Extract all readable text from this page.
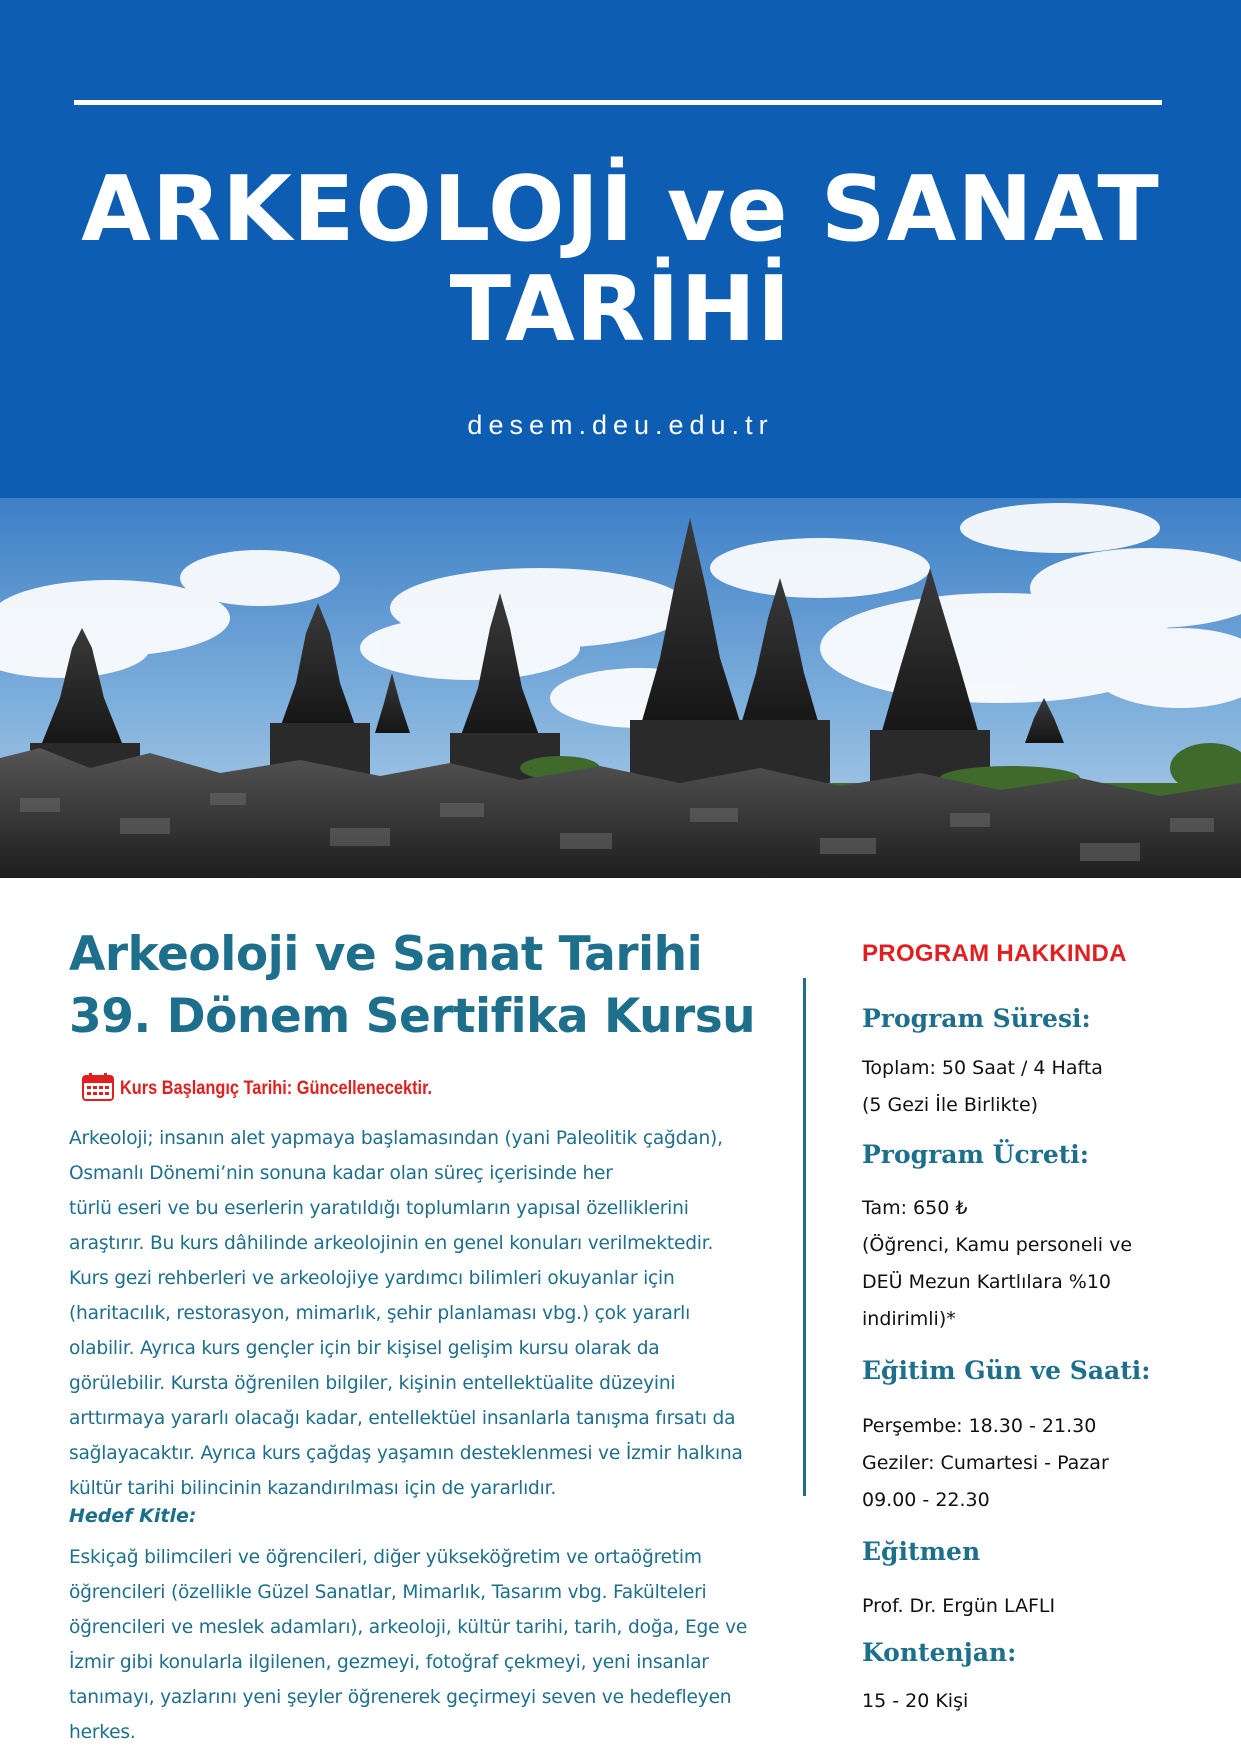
ARKEOLOJİ ve SANAT
TARİHİ
desem.deu.edu.tr
Arkeoloji ve Sanat Tarihi
39. Dönem Sertifika Kursu
Kurs Başlangıç Tarihi: Güncellenecektir.

Arkeoloji; insanın alet yapmaya başlamasından (yani Paleolitik çağdan),

Osmanlı Dönemi’nin sonuna kadar olan süreç içerisinde her

türlü eseri ve bu eserlerin yaratıldığı toplumların yapısal özelliklerini

araştırır. Bu kurs dâhilinde arkeolojinin en genel konuları verilmektedir.

Kurs gezi rehberleri ve arkeolojiye yardımcı bilimleri okuyanlar için

(haritacılık, restorasyon, mimarlık, şehir planlaması vbg.) çok yararlı

olabilir. Ayrıca kurs gençler için bir kişisel gelişim kursu olarak da

görülebilir. Kursta öğrenilen bilgiler, kişinin entellektüalite düzeyini

arttırmaya yararlı olacağı kadar, entellektüel insanlarla tanışma fırsatı da

sağlayacaktır. Ayrıca kurs çağdaş yaşamın desteklenmesi ve İzmir halkına

kültür tarihi bilincinin kazandırılması için de yararlıdır.

Hedef Kitle:

Eskiçağ bilimcileri ve öğrencileri, diğer yükseköğretim ve ortaöğretim

öğrencileri (özellikle Güzel Sanatlar, Mimarlık, Tasarım vbg. Fakülteleri

öğrencileri ve meslek adamları), arkeoloji, kültür tarihi, tarih, doğa, Ege ve

İzmir gibi konularla ilgilenen, gezmeyi, fotoğraf çekmeyi, yeni insanlar

tanımayı, yazlarını yeni şeyler öğrenerek geçirmeyi seven ve hedefleyen

herkes.

PROGRAM HAKKINDA
Program Süresi:
Toplam: 50 Saat / 4 Hafta
(5 Gezi İle Birlikte)
Program Ücreti:
Tam: 650 ₺
(Öğrenci, Kamu personeli ve
DEÜ Mezun Kartlılara %10
indirimli)*
Eğitim Gün ve Saati:
Perşembe: 18.30 - 21.30
Geziler: Cumartesi - Pazar
09.00 - 22.30
Eğitmen
Prof. Dr. Ergün LAFLI
Kontenjan:
15 - 20 Kişi
